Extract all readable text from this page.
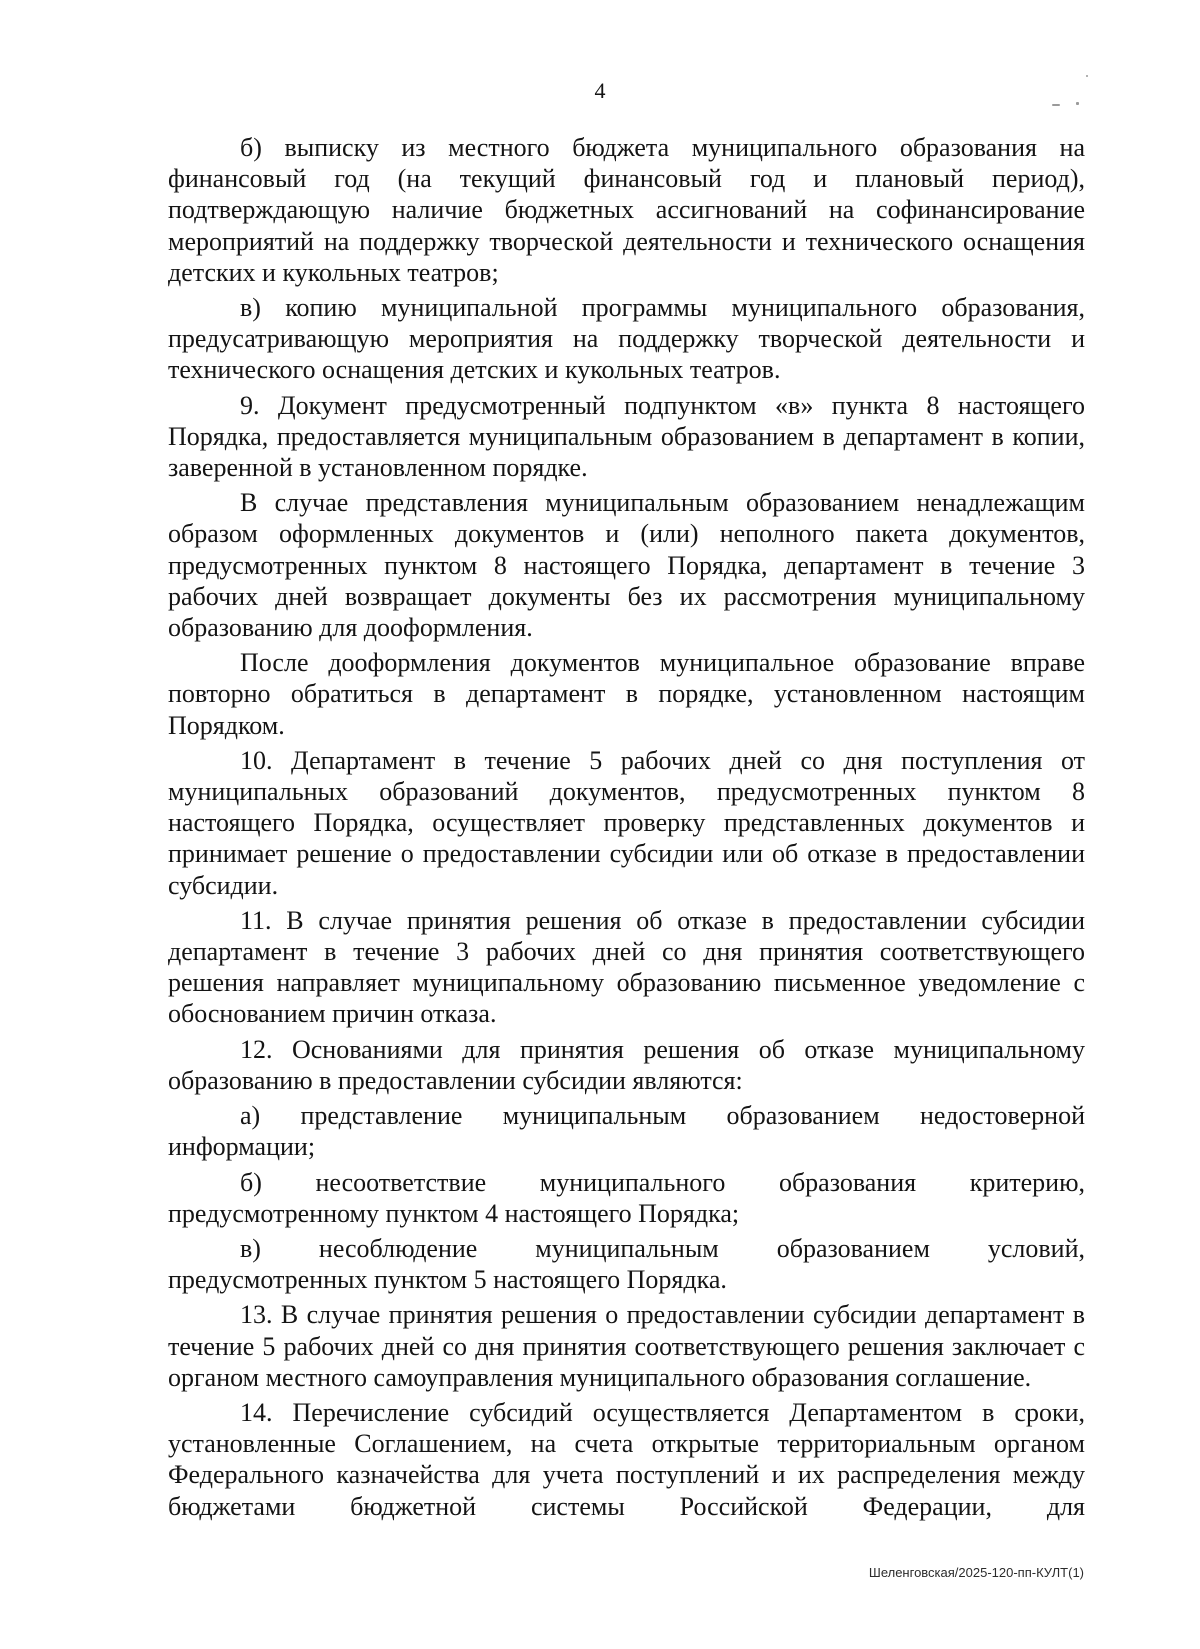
4

б) выписку из местного бюджета муниципального образования на финансовый год (на текущий финансовый год и плановый период), подтверждающую наличие бюджетных ассигнований на софинансирование мероприятий на поддержку творческой деятельности и технического оснащения детских и кукольных театров;

в) копию муниципальной программы муниципального образования, предусатривающую мероприятия на поддержку творческой деятельности и технического оснащения детских и кукольных театров.

9. Документ предусмотренный подпунктом «в» пункта 8 настоящего Порядка, предоставляется муниципальным образованием в департамент в копии, заверенной в установленном порядке.

В случае представления муниципальным образованием ненадлежащим образом оформленных документов и (или) неполного пакета документов, предусмотренных пунктом 8 настоящего Порядка, департамент в течение 3 рабочих дней возвращает документы без их рассмотрения муниципальному образованию для дооформления.

После дооформления документов муниципальное образование вправе повторно обратиться в департамент в порядке, установленном настоящим Порядком.

10. Департамент в течение 5 рабочих дней со дня поступления от муниципальных образований документов, предусмотренных пунктом 8 настоящего Порядка, осуществляет проверку представленных документов и принимает решение о предоставлении субсидии или об отказе в предоставлении субсидии.

11. В случае принятия решения об отказе в предоставлении субсидии департамент в течение 3 рабочих дней со дня принятия соответствующего решения направляет муниципальному образованию письменное уведомление с обоснованием причин отказа.

12. Основаниями для принятия решения об отказе муниципальному образованию в предоставлении субсидии являются:

а) представление муниципальным образованием недостоверной информации;

б) несоответствие муниципального образования критерию, предусмотренному пунктом 4 настоящего Порядка;

в) несоблюдение муниципальным образованием условий, предусмотренных пунктом 5 настоящего Порядка.

13. В случае принятия решения о предоставлении субсидии департамент в течение 5 рабочих дней со дня принятия соответствующего решения заключает с органом местного самоуправления муниципального образования соглашение.

14. Перечисление субсидий осуществляется Департаментом в сроки, установленные Соглашением, на счета открытые территориальным органом Федерального казначейства для учета поступлений и их распределения между бюджетами бюджетной системы Российской Федерации, для

Шеленговская/2025-120-пп-КУЛТ(1)
